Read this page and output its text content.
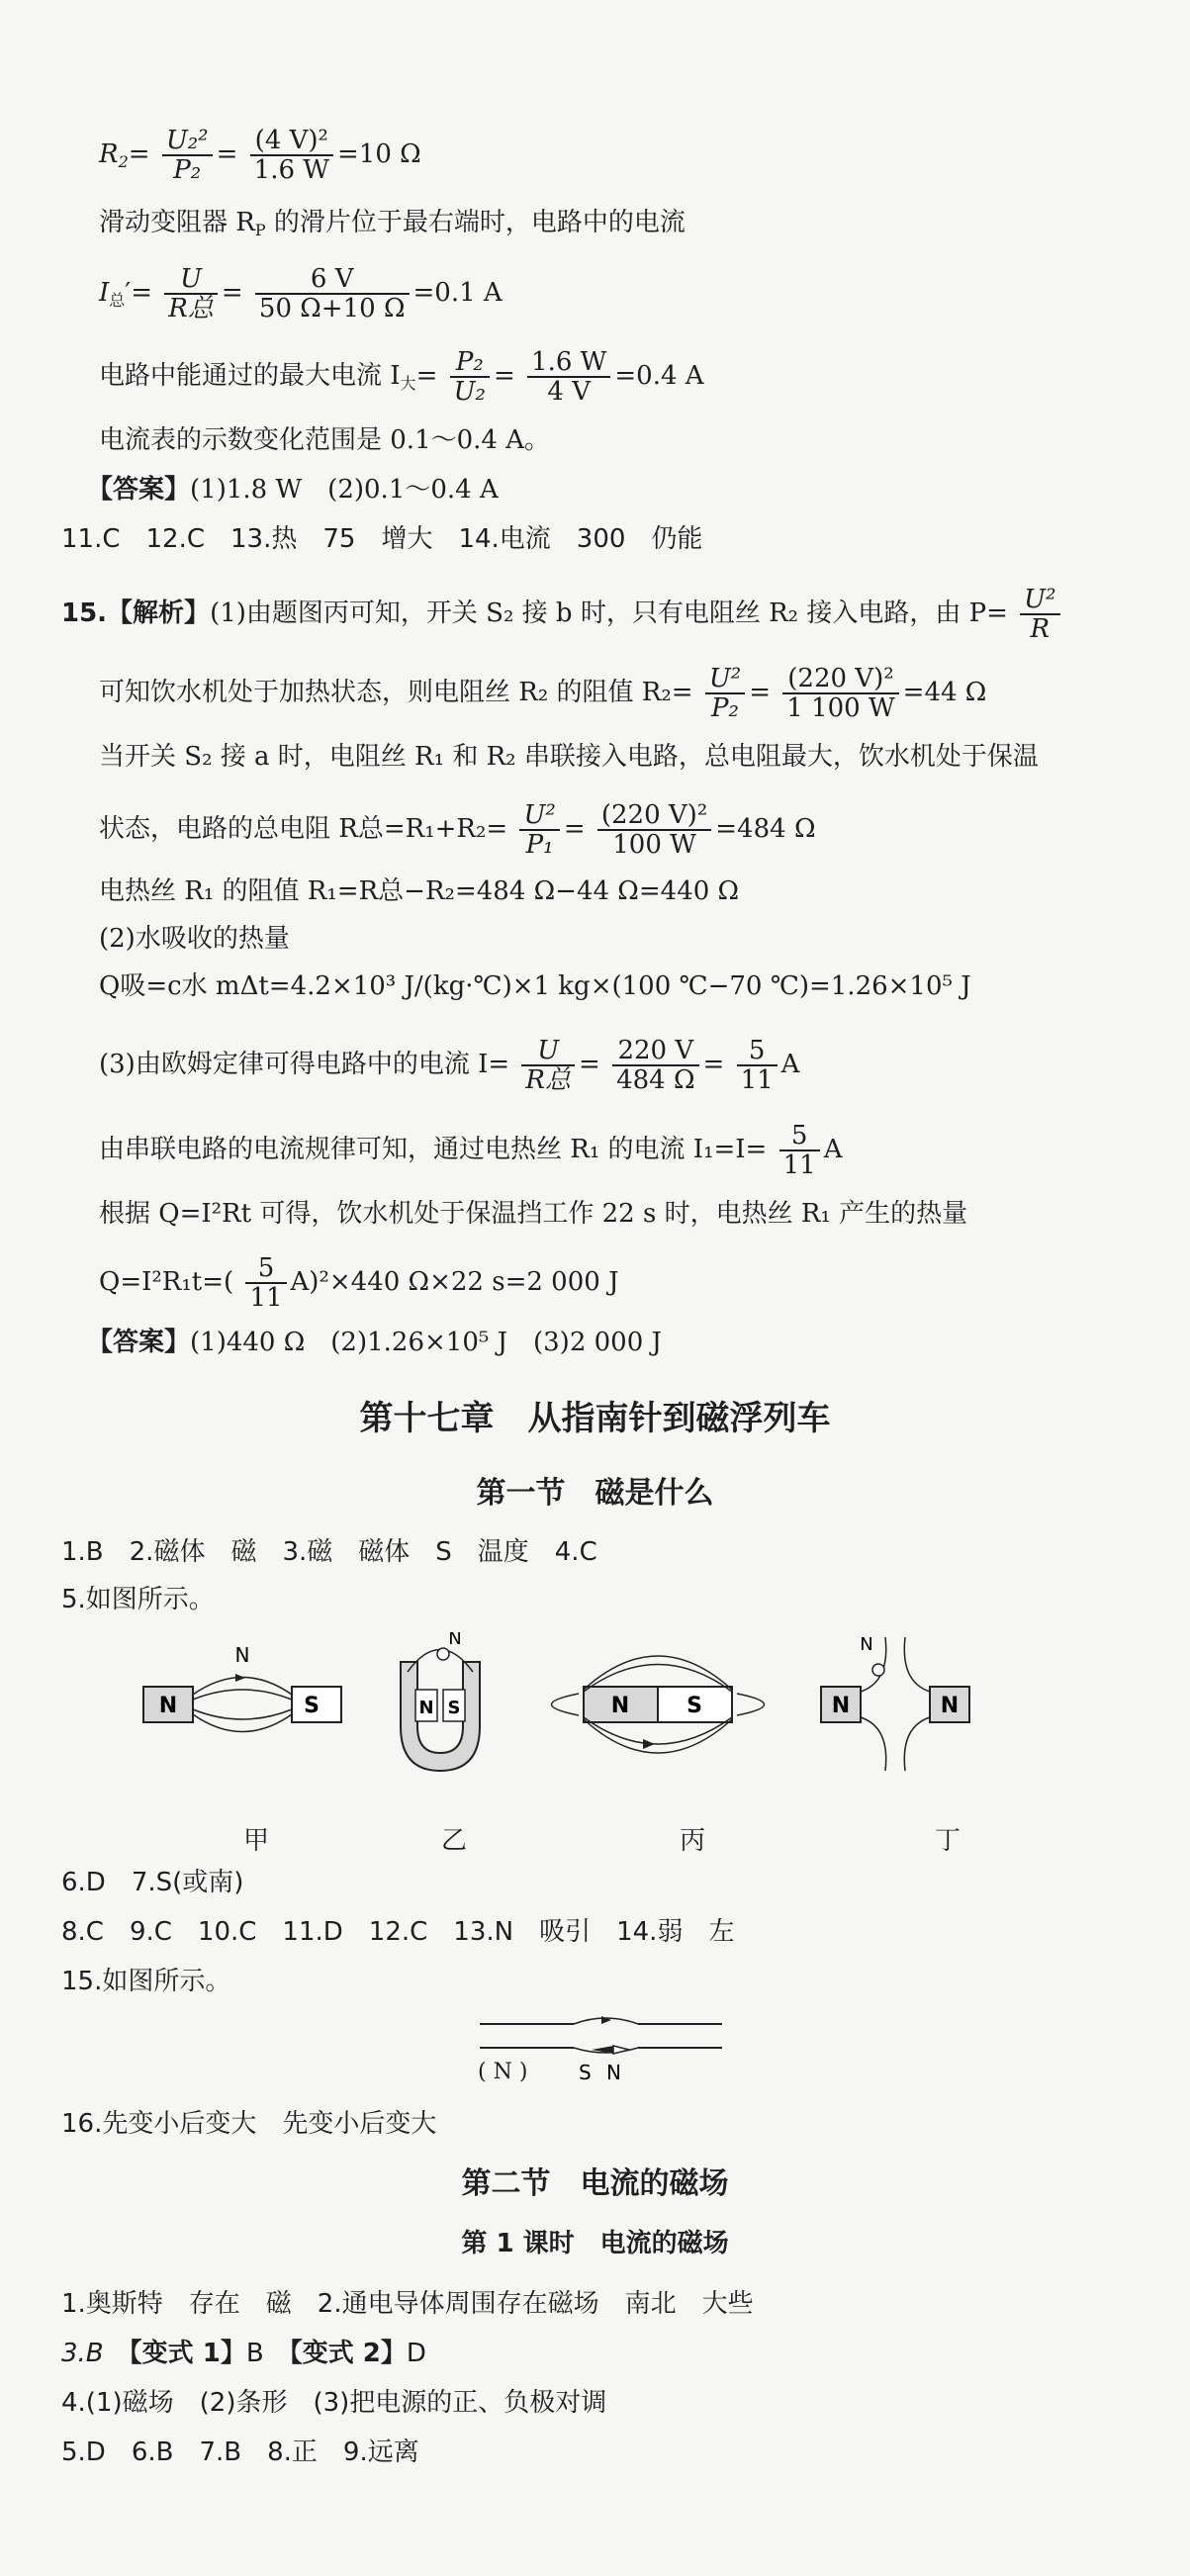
$R_2= \frac{\text{U₂²}}{\text{P₂}} = \frac{\text{(4 V)²}}{1.6 W} =10$ Ω
滑动变阻器 $R_P$ 的滑片位于最右端时，电路中的电流
$I_总'= \frac{U}{\text{R总}} = \frac{6 V}{50 \Omega+10 \Omega} =0.1$ A
电路中能通过的最大电流 $I_大= \frac{\text{P₂}}{\text{U₂}} = \frac{1.6 W}{4 V} =0.4$ A
电流表的示数变化范围是 0.1～0.4 A。
【答案】(1)1.8 W　(2)0.1～0.4 A
11.C　12.C　13.热　75　增大　14.电流　300　仍能
15.【解析】(1)由题图丙可知，开关 S₂ 接 b 时，只有电阻丝 R₂ 接入电路，由 $P= \frac{\text{U²}}{R}$
可知饮水机处于加热状态，则电阻丝 R₂ 的阻值 $R_2= \frac{\text{U²}}{\text{P₂}} = \frac{\text{(220 V)²}}{1 100 W} =44$ Ω
当开关 S₂ 接 a 时，电阻丝 R₁ 和 R₂ 串联接入电路，总电阻最大，饮水机处于保温
状态，电路的总电阻 R总$=R_1+R_2= \frac{\text{U²}}{\text{P₁}} = \frac{\text{(220 V)²}}{100 W} =484$ Ω
电热丝 R₁ 的阻值 R₁=R总−R₂=484 Ω−44 Ω=440 Ω
(2)水吸收的热量
Q吸=c水 mΔt=4.2×10³ J/(kg·℃)×1 kg×(100 ℃−70 ℃)=1.26×10⁵ J
(3)由欧姆定律可得电路中的电流 $I= \frac{U}{\text{R总}} = \frac{220 V}{484 \Omega} = \frac{5}{11}$ A
由串联电路的电流规律可知，通过电热丝 R₁ 的电流 $I_1=I= \frac{5}{11}$ A
根据 Q=I²Rt 可得，饮水机处于保温挡工作 22 s 时，电热丝 R₁ 产生的热量
$Q=I^2R_1t=( \frac{5}{11} A)^2\times 440$ Ω×22 s=2 000 J
【答案】(1)440 Ω　(2)1.26×10⁵ J　(3)2 000 J
第十七章　从指南针到磁浮列车
第一节　磁是什么
1.B　2.磁体　磁　3.磁　磁体　S　温度　4.C
5.如图所示。
N	S
N
N S
N
N	S	N	N
N
甲	乙	丙	丁
6.D　7.S(或南)
8.C　9.C　10.C　11.D　12.C　13.N　吸引　14.弱　左
15.如图所示。
S N
( N )
16.先变小后变大　先变小后变大
第二节　电流的磁场
第 1 课时　电流的磁场
1.奥斯特　存在　磁　2.通电导体周围存在磁场　南北　大些
3.B　 【变式 1】B　 【变式 2】D
4.(1)磁场　(2)条形　(3)把电源的正、负极对调
5.D　6.B　7.B　8.正　9.远离
